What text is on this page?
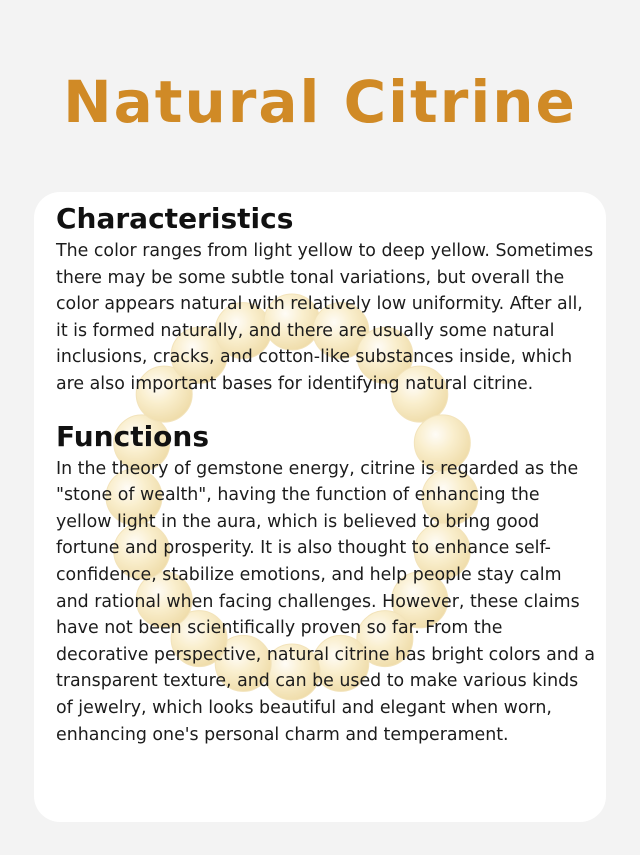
Natural Citrine
Characteristics

The color ranges from light yellow to deep yellow. Sometimes there may be some subtle tonal variations, but overall the color appears natural with relatively low uniformity. After all, it is formed naturally, and there are usually some natural inclusions, cracks, and cotton-like substances inside, which are also important bases for identifying natural citrine.

Functions

In the theory of gemstone energy, citrine is regarded as the "stone of wealth", having the function of enhancing the yellow light in the aura, which is believed to bring good fortune and prosperity. It is also thought to enhance self-confidence, stabilize emotions, and help people stay calm and rational when facing challenges. However, these claims have not been scientifically proven so far. From the decorative perspective, natural citrine has bright colors and a transparent texture, and can be used to make various kinds of jewelry, which looks beautiful and elegant when worn, enhancing one's personal charm and temperament.
